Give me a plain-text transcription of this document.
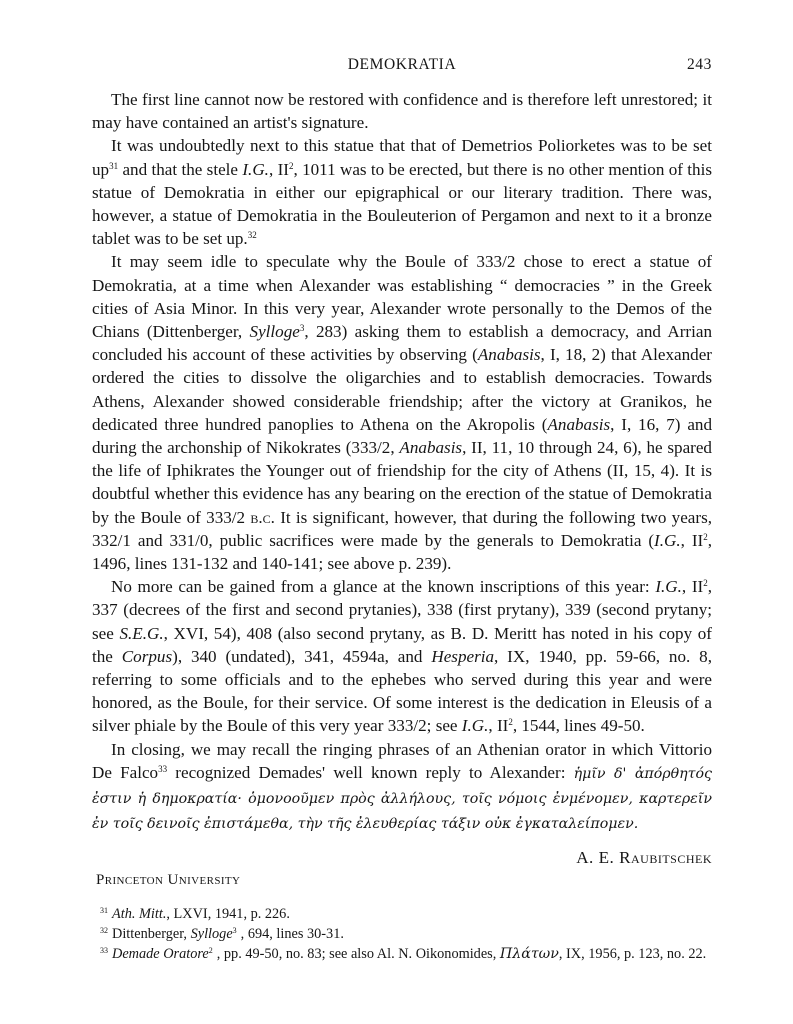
DEMOKRATIA	243

The first line cannot now be restored with confidence and is therefore left unrestored; it may have contained an artist's signature.

It was undoubtedly next to this statue that that of Demetrios Poliorketes was to be set $up^{31}$ and that the stele I.G., $II^2$, 1011 was to be erected, but there is no other mention of this statue of Demokratia in either our epigraphical or our literary tradition. There was, however, a statue of Demokratia in the Bouleuterion of Pergamon and next to it a bronze tablet was to be set up.$^{32}$

It may seem idle to speculate why the Boule of 333/2 chose to erect a statue of Demokratia, at a time when Alexander was establishing “ democracies ” in the Greek cities of Asia Minor. In this very year, Alexander wrote personally to the Demos of the Chians (Dittenberger, Sylloge$^3$, 283) asking them to establish a democracy, and Arrian concluded his account of these activities by observing (Anabasis, I, 18, 2) that Alexander ordered the cities to dissolve the oligarchies and to establish democracies. Towards Athens, Alexander showed considerable friendship; after the victory at Granikos, he dedicated three hundred panoplies to Athena on the Akropolis (Anabasis, I, 16, 7) and during the archonship of Nikokrates (333/2, Anabasis, II, 11, 10 through 24, 6), he spared the life of Iphikrates the Younger out of friendship for the city of Athens (II, 15, 4). It is doubtful whether this evidence has any bearing on the erection of the statue of Demokratia by the Boule of 333/2 b.c. It is significant, however, that during the following two years, 332/1 and 331/0, public sacrifices were made by the generals to Demokratia (I.G., $II^2$, 1496, lines 131-132 and 140-141; see above p. 239).

No more can be gained from a glance at the known inscriptions of this year: I.G., $II^2$, 337 (decrees of the first and second prytanies), 338 (first prytany), 339 (second prytany; see S.E.G., XVI, 54), 408 (also second prytany, as B. D. Meritt has noted in his copy of the Corpus), 340 (undated), 341, 4594a, and Hesperia, IX, 1940, pp. 59-66, no. 8, referring to some officials and to the ephebes who served during this year and were honored, as the Boule, for their service. Of some interest is the dedication in Eleusis of a silver phiale by the Boule of this very year 333/2; see I.G., $II^2$, 1544, lines 49-50.

In closing, we may recall the ringing phrases of an Athenian orator in which Vittorio De Falco$^{33}$ recognized Demades' well known reply to Alexander: ἡμῖν δ' ἀπόρθητός ἐστιν ἡ δημοκρατία· ὁμονοοῦμεν πρὸς ἀλλήλους, τοῖς νόμοις ἐνμένομεν, καρτερεῖν ἐν τοῖς δεινοῖς ἐπιστάμεθα, τὴν τῆς ἐλευθερίας τάξιν οὐκ ἐγκαταλείπομεν.

A. E. Raubitschek
Princeton University
$^{31}$ Ath. Mitt., LXVI, 1941, p. 226.
$^{32}$ Dittenberger, Sylloge$^3$ , 694, lines 30-31.
$^{33}$ Demade Oratore$^2$ , pp. 49-50, no. 83; see also Al. N. Oikonomides, Πλάτων, IX, 1956, p. 123, no. 22.
